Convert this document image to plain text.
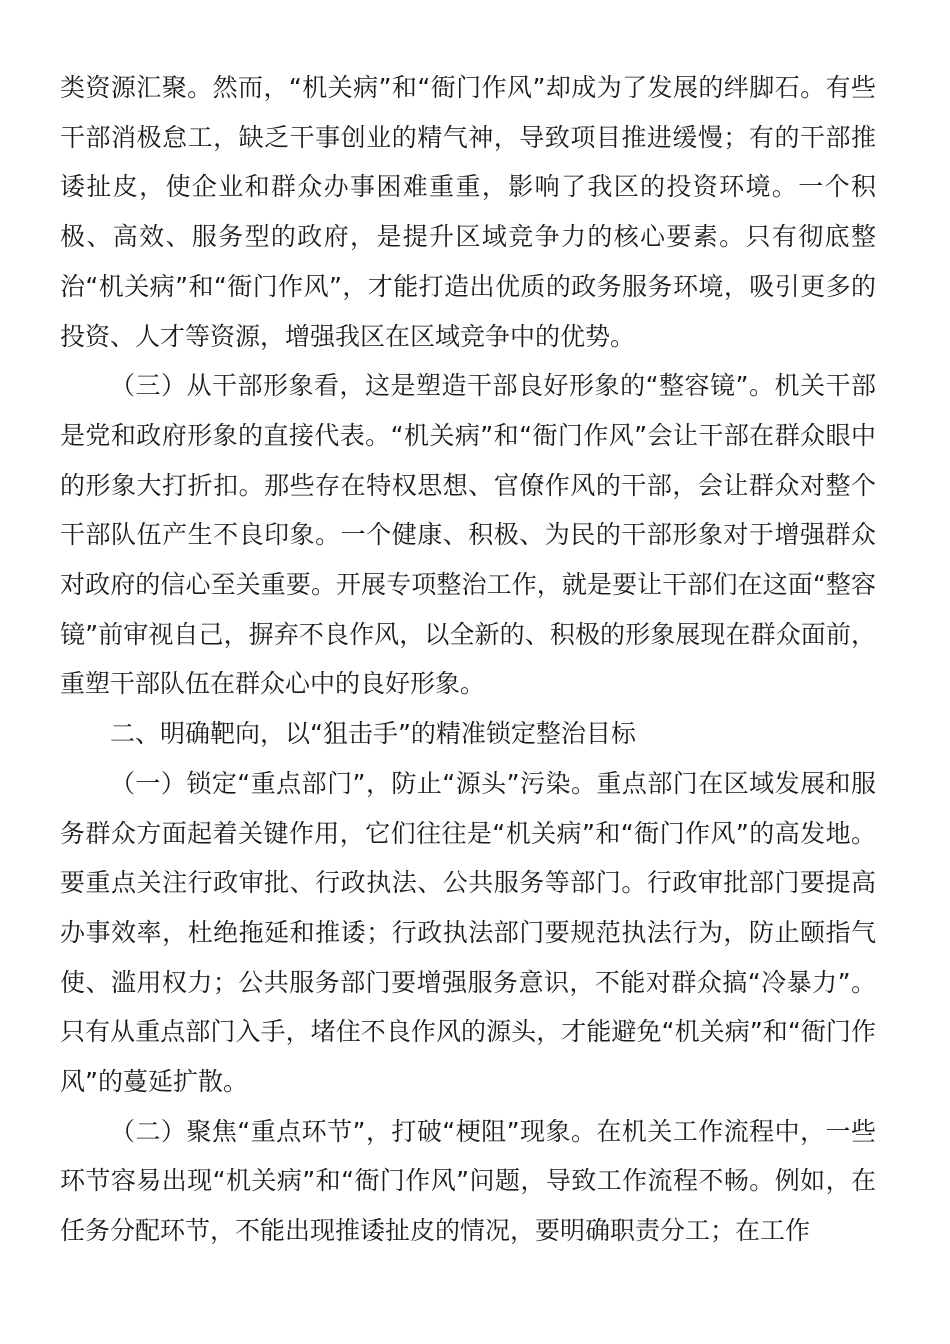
类资源汇聚。然而，“机关病”和“衙门作风”却成为了发展的绊脚石。有些干部消极怠工，缺乏干事创业的精气神，导致项目推进缓慢；有的干部推诿扯皮，使企业和群众办事困难重重，影响了我区的投资环境。一个积极、高效、服务型的政府，是提升区域竞争力的核心要素。只有彻底整治“机关病”和“衙门作风”，才能打造出优质的政务服务环境，吸引更多的投资、人才等资源，增强我区在区域竞争中的优势。

（三）从干部形象看，这是塑造干部良好形象的“整容镜”。机关干部是党和政府形象的直接代表。“机关病”和“衙门作风”会让干部在群众眼中的形象大打折扣。那些存在特权思想、官僚作风的干部，会让群众对整个干部队伍产生不良印象。一个健康、积极、为民的干部形象对于增强群众对政府的信心至关重要。开展专项整治工作，就是要让干部们在这面“整容镜”前审视自己，摒弃不良作风，以全新的、积极的形象展现在群众面前，重塑干部队伍在群众心中的良好形象。

二、明确靶向，以“狙击手”的精准锁定整治目标

（一）锁定“重点部门”，防止“源头”污染。重点部门在区域发展和服务群众方面起着关键作用，它们往往是“机关病”和“衙门作风”的高发地。要重点关注行政审批、行政执法、公共服务等部门。行政审批部门要提高办事效率，杜绝拖延和推诿；行政执法部门要规范执法行为，防止颐指气使、滥用权力；公共服务部门要增强服务意识，不能对群众搞“冷暴力”。只有从重点部门入手，堵住不良作风的源头，才能避免“机关病”和“衙门作风”的蔓延扩散。

（二）聚焦“重点环节”，打破“梗阻”现象。在机关工作流程中，一些环节容易出现“机关病”和“衙门作风”问题，导致工作流程不畅。例如，在任务分配环节，不能出现推诿扯皮的情况，要明确职责分工；在工作
